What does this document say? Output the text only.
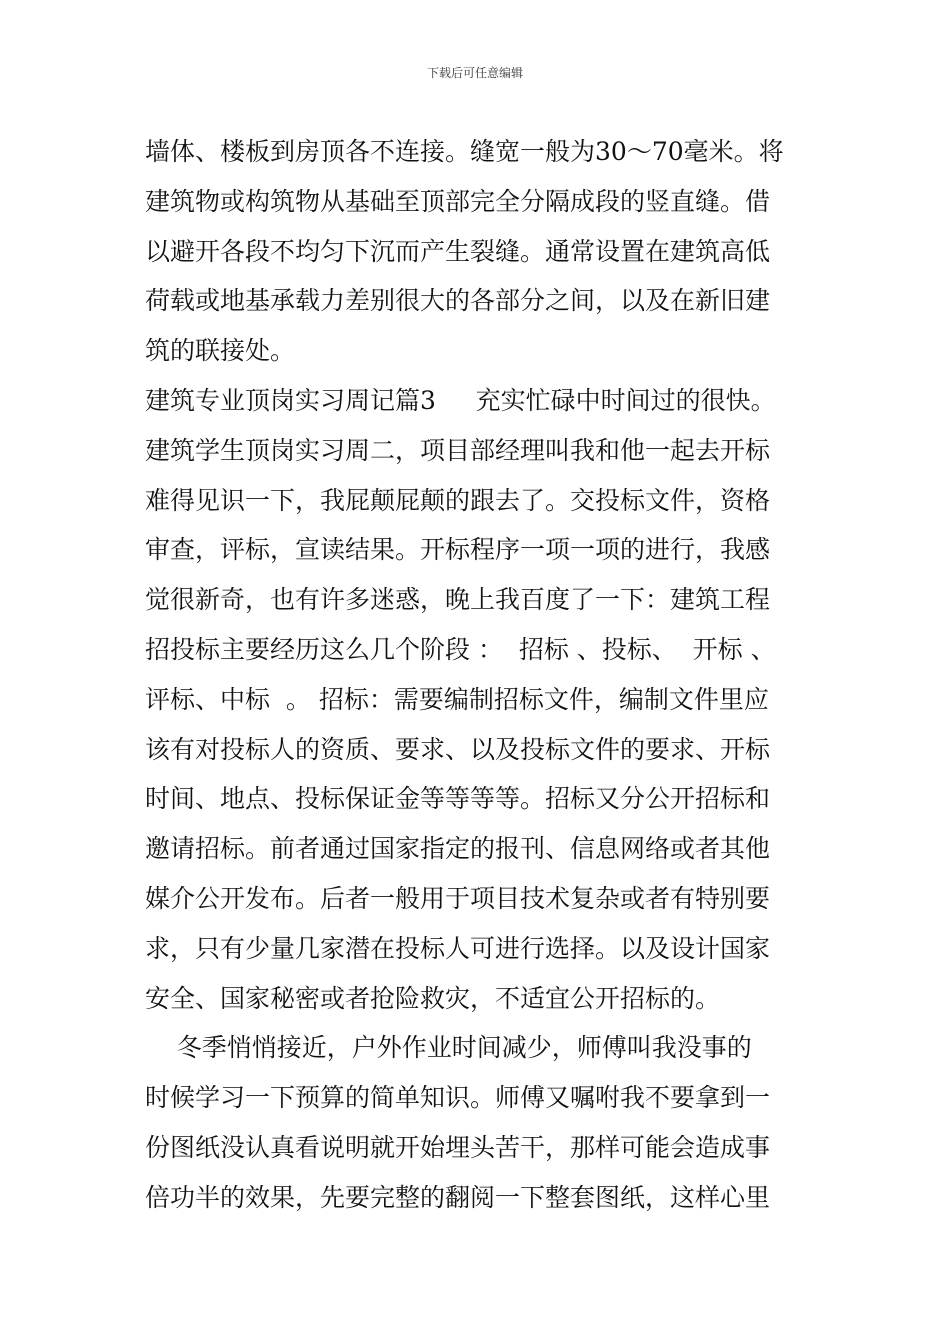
下载后可任意编辑
墙体、楼板到房顶各不连接。缝宽一般为30～70毫米。将
建筑物或构筑物从基础至顶部完全分隔成段的竖直缝。借
以避开各段不均匀下沉而产生裂缝。通常设置在建筑高低
荷载或地基承载力差别很大的各部分之间，以及在新旧建
筑的联接处。
建筑专业顶岗实习周记篇3     充实忙碌中时间过的很快。
建筑学生顶岗实习周二，项目部经理叫我和他一起去开标
难得见识一下，我屁颠屁颠的跟去了。交投标文件，资格
审查，评标，宣读结果。开标程序一项一项的进行，我感
觉很新奇，也有许多迷惑，晚上我百度了一下：建筑工程
招投标主要经历这么几个阶段 ：  招标 、投标、  开标 、
评标、中标  。 招标：需要编制招标文件，编制文件里应
该有对投标人的资质、要求、以及投标文件的要求、开标
时间、地点、投标保证金等等等等。招标又分公开招标和
邀请招标。前者通过国家指定的报刊、信息网络或者其他
媒介公开发布。后者一般用于项目技术复杂或者有特别要
求，只有少量几家潜在投标人可进行选择。以及设计国家
安全、国家秘密或者抢险救灾，不适宜公开招标的。
冬季悄悄接近，户外作业时间减少，师傅叫我没事的
时候学习一下预算的简单知识。师傅又嘱咐我不要拿到一
份图纸没认真看说明就开始埋头苦干，那样可能会造成事
倍功半的效果，先要完整的翻阅一下整套图纸，这样心里
